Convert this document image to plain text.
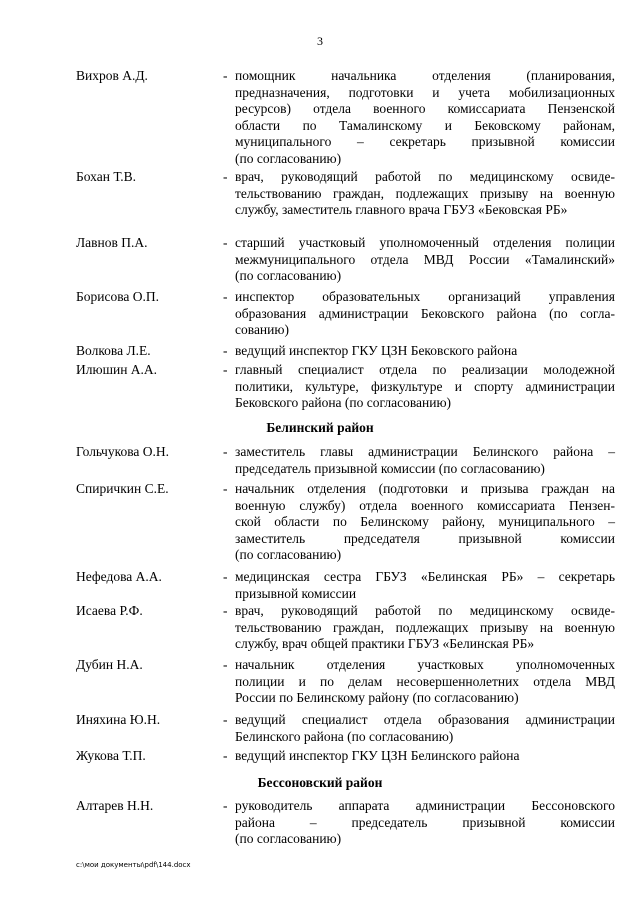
3
Вихров А.Д.	- помощник начальника отделения (планирования,
предназначения, подготовки и учета мобилизационных
ресурсов) отдела военного комиссариата Пензенской
области по Тамалинскому и Бековскому районам,
муниципального – секретарь призывной комиссии
(по согласованию)
Бохан Т.В.	- врач, руководящий работой по медицинскому освиде-
тельствованию граждан, подлежащих призыву на военную
службу, заместитель главного врача ГБУЗ «Бековская РБ»
Лавнов П.А.	- старший участковый уполномоченный отделения полиции
межмуниципального отдела МВД России «Тамалинский»
(по согласованию)
Борисова О.П.	- инспектор образовательных организаций управления
образования администрации Бековского района (по согла-
сованию)
Волкова Л.Е.	- ведущий инспектор ГКУ ЦЗН Бековского района
Илюшин А.А.	- главный специалист отдела по реализации молодежной
политики, культуре, физкультуре и спорту администрации
Бековского района (по согласованию)
Белинский район
Гольчукова О.Н.	- заместитель главы администрации Белинского района –
председатель призывной комиссии (по согласованию)
Спиричкин С.Е.	- начальник отделения (подготовки и призыва граждан на
военную службу) отдела военного комиссариата Пензен-
ской области по Белинскому району, муниципального –
заместитель председателя призывной комиссии
(по согласованию)
Нефедова А.А.	- медицинская сестра ГБУЗ «Белинская РБ» – секретарь
призывной комиссии
Исаева Р.Ф.	- врач, руководящий работой по медицинскому освиде-
тельствованию граждан, подлежащих призыву на военную
службу, врач общей практики ГБУЗ «Белинская РБ»
Дубин Н.А.	- начальник отделения участковых уполномоченных
полиции и по делам несовершеннолетних отдела МВД
России по Белинскому району (по согласованию)
Иняхина Ю.Н.	- ведущий специалист отдела образования администрации
Белинского района (по согласованию)
Жукова Т.П.	- ведущий инспектор ГКУ ЦЗН Белинского района
Бессоновский район
Алтарев Н.Н.	- руководитель аппарата администрации Бессоновского
района – председатель призывной комиссии
(по согласованию)
c:\мои документы\pdf\144.docx
